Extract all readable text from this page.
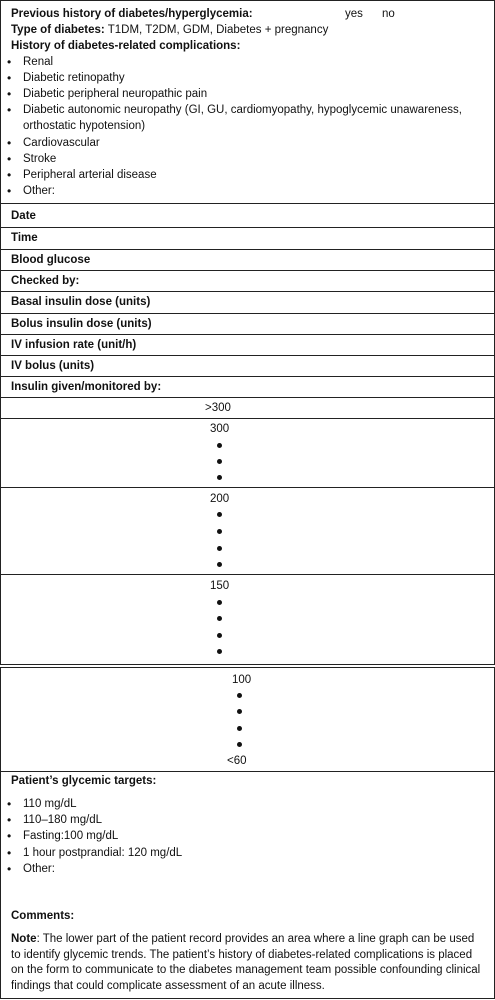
Previous history of diabetes/hyperglycemia:	yes no
Type of diabetes: T1DM, T2DM, GDM, Diabetes + pregnancy
History of diabetes-related complications:
• Renal
• Diabetic retinopathy
• Diabetic peripheral neuropathic pain
• Diabetic autonomic neuropathy (GI, GU, cardiomyopathy, hypoglycemic unawareness,
orthostatic hypotension)
• Cardiovascular
• Stroke
• Peripheral arterial disease
• Other:
Date
Time
Blood glucose
Checked by:
Basal insulin dose (units)
Bolus insulin dose (units)
IV infusion rate (unit/h)
IV bolus (units)
Insulin given/monitored by:
>300
300
200
150
100
<60
Patient’s glycemic targets:
• 110 mg/dL
• 110–180 mg/dL
• Fasting:100 mg/dL
• 1 hour postprandial: 120 mg/dL
• Other:
Comments:
Note: The lower part of the patient record provides an area where a line graph can be used to identify glycemic trends. The patient’s history of diabetes-related complications is placed on the form to communicate to the diabetes management team possible confounding clinical findings that could complicate assessment of an acute illness.
